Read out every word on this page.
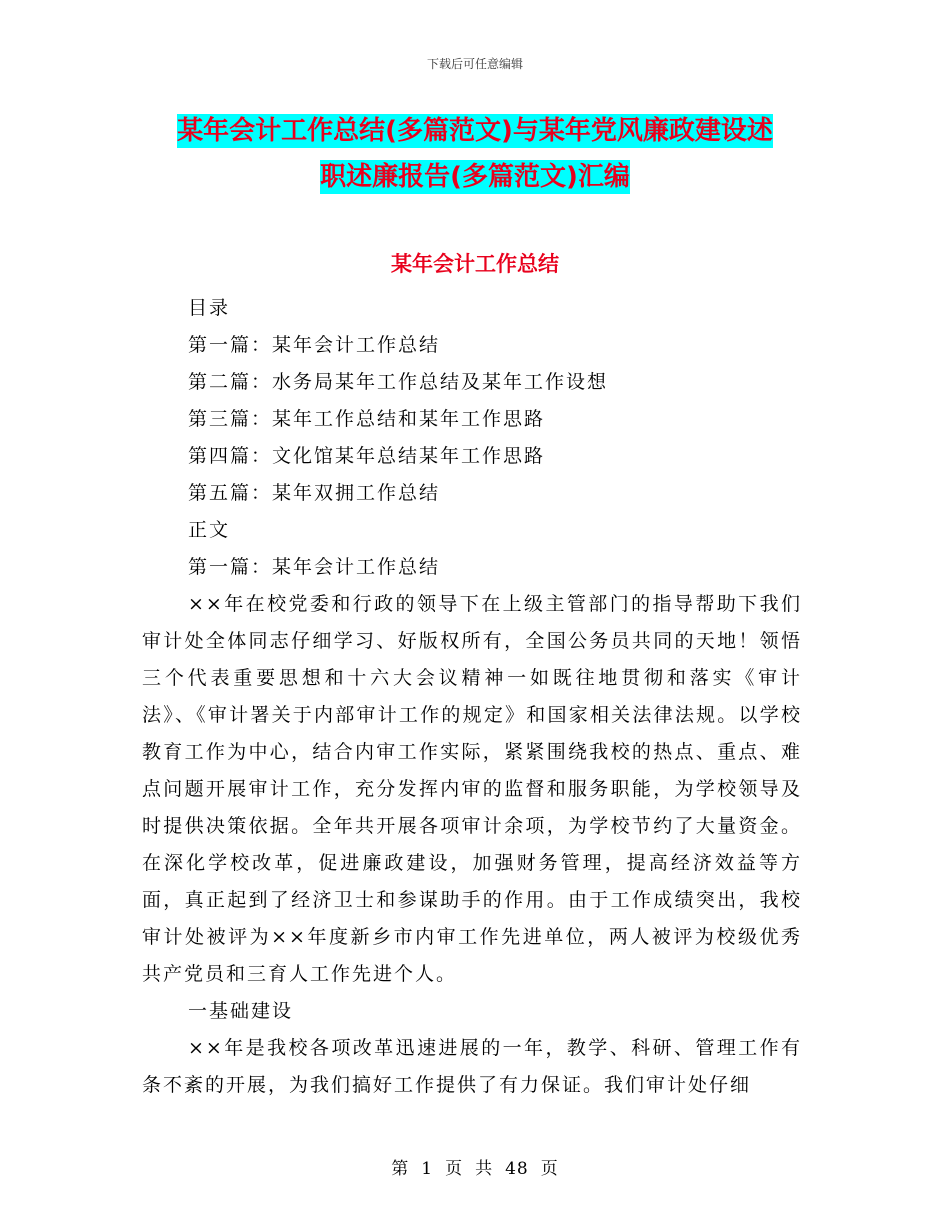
下载后可任意编辑
某年会计工作总结(多篇范文)与某年党风廉政建设述
职述廉报告(多篇范文)汇编
某年会计工作总结
目录
第一篇：某年会计工作总结
第二篇：水务局某年工作总结及某年工作设想
第三篇：某年工作总结和某年工作思路
第四篇：文化馆某年总结某年工作思路
第五篇：某年双拥工作总结
正文
第一篇：某年会计工作总结
××年在校党委和行政的领导下在上级主管部门的指导帮助下我们审计处全体同志仔细学习、好版权所有，全国公务员共同的天地！领悟三个代表重要思想和十六大会议精神一如既往地贯彻和落实《审计法》、《审计署关于内部审计工作的规定》和国家相关法律法规。以学校教育工作为中心，结合内审工作实际，紧紧围绕我校的热点、重点、难点问题开展审计工作，充分发挥内审的监督和服务职能，为学校领导及时提供决策依据。全年共开展各项审计余项，为学校节约了大量资金。在深化学校改革，促进廉政建设，加强财务管理，提高经济效益等方面，真正起到了经济卫士和参谋助手的作用。由于工作成绩突出，我校审计处被评为××年度新乡市内审工作先进单位，两人被评为校级优秀共产党员和三育人工作先进个人。
一基础建设
××年是我校各项改革迅速进展的一年，教学、科研、管理工作有条不紊的开展，为我们搞好工作提供了有力保证。我们审计处仔细
第 1 页 共 48 页
